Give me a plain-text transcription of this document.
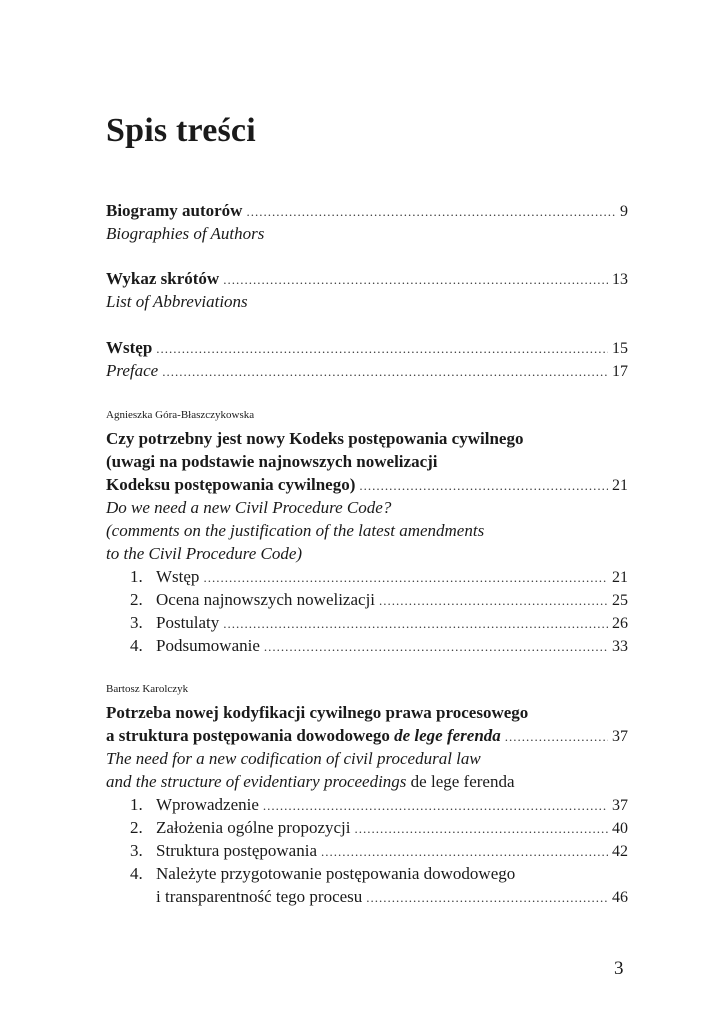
Spis treści
Biogramy autorów .....	9
Biographies of Authors
Wykaz skrótów .....	13
List of Abbreviations
Wstęp .....	15
Preface .....	17
Agnieszka Góra-Błaszczykowska
Czy potrzebny jest nowy Kodeks postępowania cywilnego
(uwagi na podstawie najnowszych nowelizacji
Kodeksu postępowania cywilnego) .....	21
Do we need a new Civil Procedure Code?
(comments on the justification of the latest amendments
to the Civil Procedure Code)
1. Wstęp .....	21
2. Ocena najnowszych nowelizacji .....	25
3. Postulaty .....	26
4. Podsumowanie .....	33
Bartosz Karolczyk
Potrzeba nowej kodyfikacji cywilnego prawa procesowego
a struktura postępowania dowodowego de lege ferenda .....	37
The need for a new codification of civil procedural law
and the structure of evidentiary proceedings de lege ferenda
1. Wprowadzenie .....	37
2. Założenia ogólne propozycji .....	40
3. Struktura postępowania .....	42
4. Należyte przygotowanie postępowania dowodowego
i transparentność tego procesu .....	46
3
